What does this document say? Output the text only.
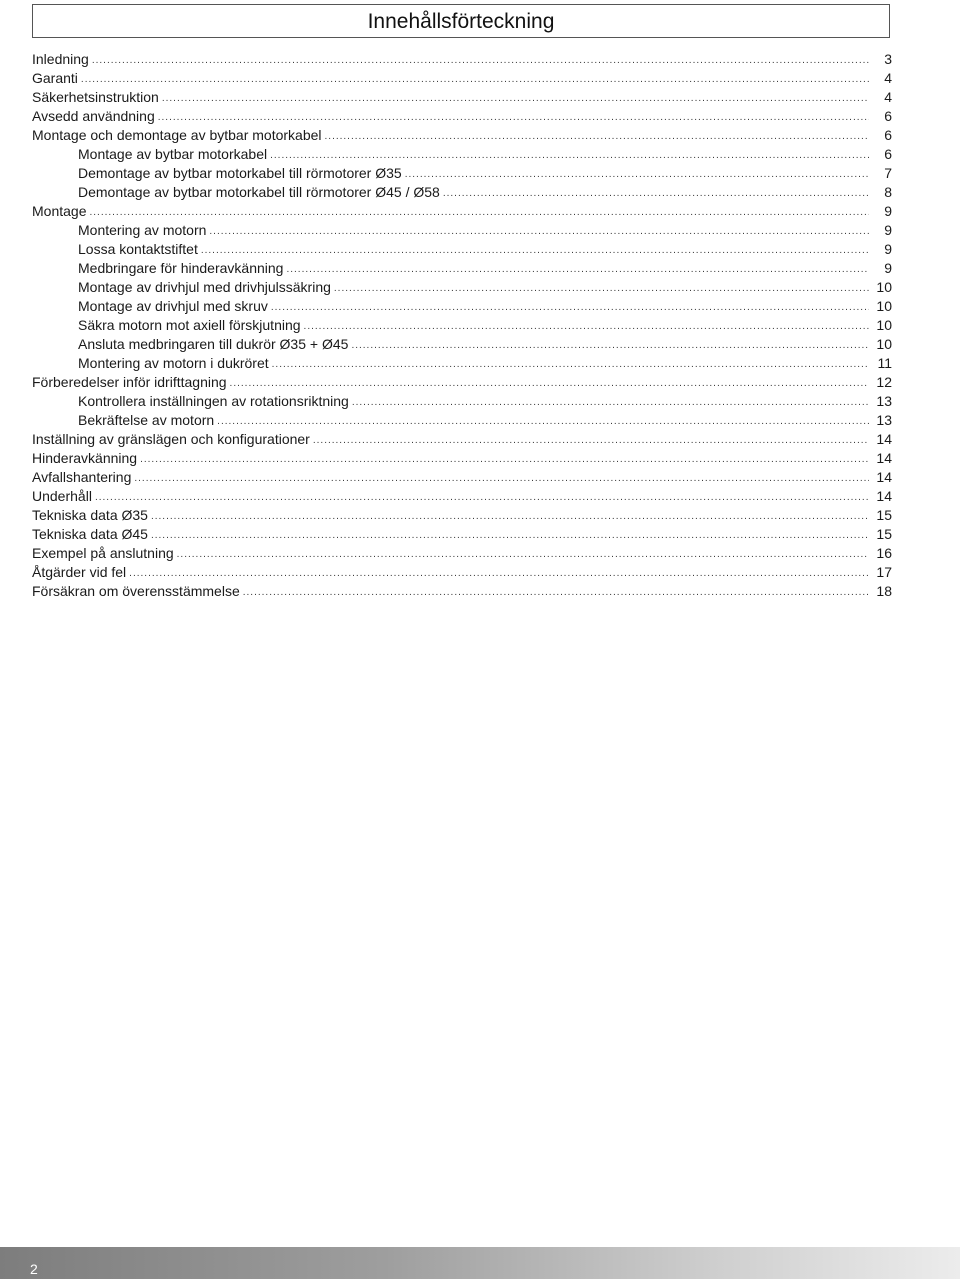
Innehållsförteckning
Inledning .....	3
Garanti .....	4
Säkerhetsinstruktion .....	4
Avsedd användning .....	6
Montage och demontage av bytbar motorkabel .....	6
Montage av bytbar motorkabel .....	6
Demontage av bytbar motorkabel till rörmotorer Ø35 .....	7
Demontage av bytbar motorkabel till rörmotorer Ø45 / Ø58 .....	8
Montage .....	9
Montering av motorn .....	9
Lossa kontaktstiftet .....	9
Medbringare för hinderavkänning .....	9
Montage av drivhjul med drivhjulssäkring .....	10
Montage av drivhjul med skruv .....	10
Säkra motorn mot axiell förskjutning .....	10
Ansluta medbringaren till dukrör Ø35 + Ø45 .....	10
Montering av motorn i dukröret .....	11
Förberedelser inför idrifttagning .....	12
Kontrollera inställningen av rotationsriktning .....	13
Bekräftelse av motorn .....	13
Inställning av gränslägen och konfigurationer .....	14
Hinderavkänning .....	14
Avfallshantering .....	14
Underhåll .....	14
Tekniska data Ø35 .....	15
Tekniska data Ø45 .....	15
Exempel på anslutning .....	16
Åtgärder vid fel .....	17
Försäkran om överensstämmelse .....	18
2
